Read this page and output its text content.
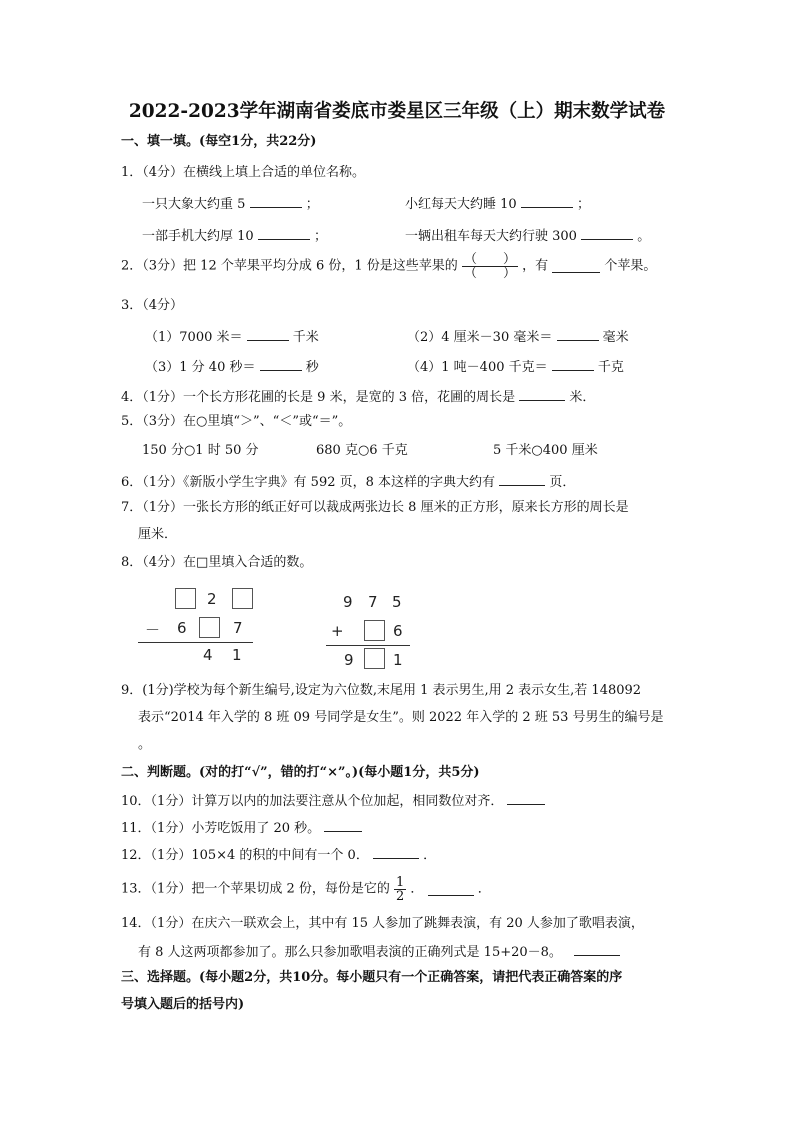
2022-2023学年湖南省娄底市娄星区三年级（上）期末数学试卷
一、填一填。(每空1分，共22分)
1．（4分）在横线上填上合适的单位名称。
一只大象大约重 5	；	小红每天大约睡 10	；
一部手机大约厚 10	；	一辆出租车每天大约行驶 300	。
2．（3分）把 12 个苹果平均分成 6 份，1 份是这些苹果的 $\frac{( )}{( )}$ ，有	个苹果。
3．（4分）
（1）7000 米＝	千米	（2）4 厘米－30 毫米＝	毫米
（3）1 分 40 秒＝	秒	（4）1 吨－400 千克＝	千克
4．（1分）一个长方形花圃的长是 9 米，是宽的 3 倍，花圃的周长是	米．
5．（3分）在○里填“＞”、“＜”或“＝”。
150 分○1 时 50 分	680 克○6 千克	5 千米○400 厘米
6．（1分）《新版小学生字典》有 592 页，8 本这样的字典大约有	页．
7．（1分）一张长方形的纸正好可以裁成两张边长 8 厘米的正方形，原来长方形的周长是
厘米．
8．（4分）在□里填入合适的数。
2
－ 6	7
4 1
9 7 5
+	6
9	1
9．(1分)学校为每个新生编号,设定为六位数,末尾用 1 表示男生,用 2 表示女生,若 148092
表示“2014 年入学的 8 班 09 号同学是女生”。则 2022 年入学的 2 班 53 号男生的编号是
。
二、判断题。(对的打“√”，错的打“×”。)(每小题1分，共5分)
10．（1分）计算万以内的加法要注意从个位加起，相同数位对齐．
11．（1分）小芳吃饭用了 20 秒。
12．（1分）105×4 的积的中间有一个 0．	．
13．（1分）把一个苹果切成 2 份，每份是它的 $\frac{1}{2}$ ．	．
14．（1分）在庆六一联欢会上，其中有 15 人参加了跳舞表演，有 20 人参加了歌唱表演，
有 8 人这两项都参加了。那么只参加歌唱表演的正确列式是 15+20－8。
三、选择题。(每小题2分，共10分。每小题只有一个正确答案，请把代表正确答案的序
号填入题后的括号内)
